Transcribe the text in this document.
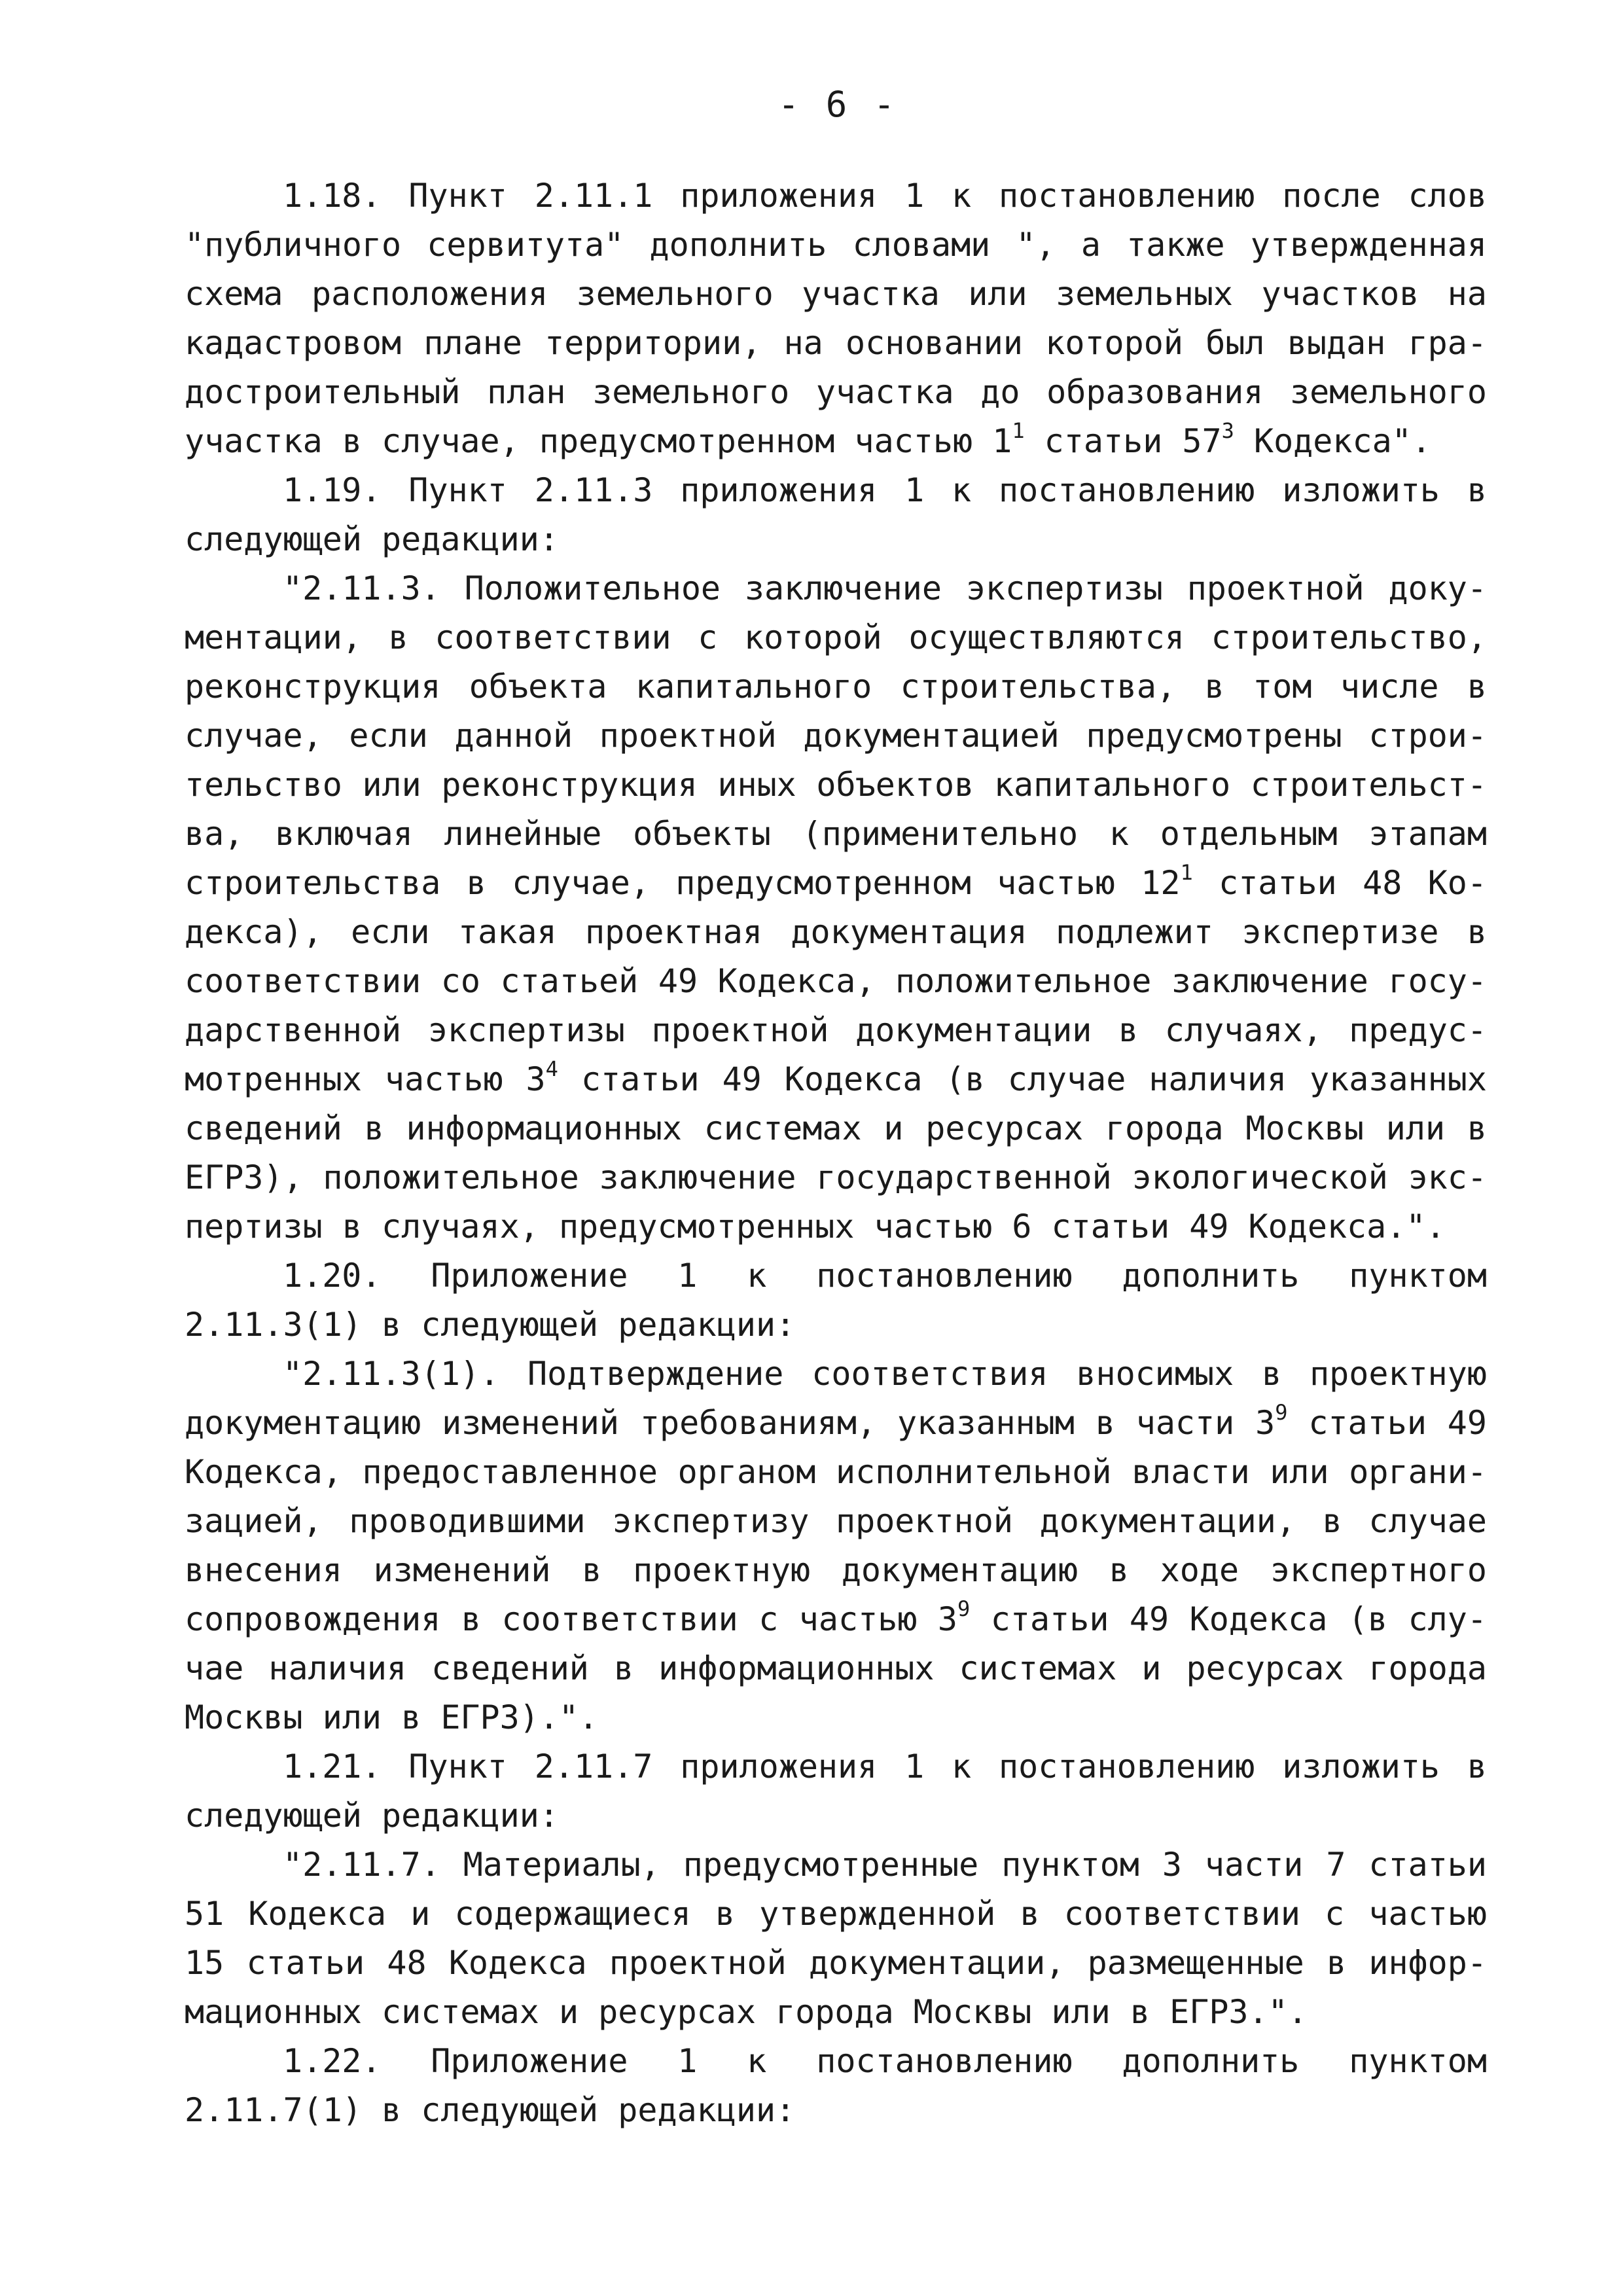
- 6 -
1.18. Пункт 2.11.1 приложения 1 к постановлению после слов
"публичного сервитута" дополнить словами ", а также утвержденная
схема расположения земельного участка или земельных участков на
кадастровом плане территории, на основании которой был выдан гра-
достроительный план земельного участка до образования земельного
участка в случае, предусмотренном частью $1^1$ статьи $57^3$ Кодекса".
1.19. Пункт 2.11.3 приложения 1 к постановлению изложить в
следующей редакции:
"2.11.3. Положительное заключение экспертизы проектной доку-
ментации, в соответствии с которой осуществляются строительство,
реконструкция объекта капитального строительства, в том числе в
случае, если данной проектной документацией предусмотрены строи-
тельство или реконструкция иных объектов капитального строительст-
ва, включая линейные объекты (применительно к отдельным этапам
строительства в случае, предусмотренном частью $12^1$ статьи 48 Ко-
декса), если такая проектная документация подлежит экспертизе в
соответствии со статьей 49 Кодекса, положительное заключение госу-
дарственной экспертизы проектной документации в случаях, предус-
мотренных частью $3^4$ статьи 49 Кодекса (в случае наличия указанных
сведений в информационных системах и ресурсах города Москвы или в
ЕГРЗ), положительное заключение государственной экологической экс-
пертизы в случаях, предусмотренных частью 6 статьи 49 Кодекса.".
1.20. Приложение 1 к постановлению дополнить пунктом
2.11.3(1) в следующей редакции:
"2.11.3(1). Подтверждение соответствия вносимых в проектную
документацию изменений требованиям, указанным в части $3^9$ статьи 49
Кодекса, предоставленное органом исполнительной власти или органи-
зацией, проводившими экспертизу проектной документации, в случае
внесения изменений в проектную документацию в ходе экспертного
сопровождения в соответствии с частью $3^9$ статьи 49 Кодекса (в слу-
чае наличия сведений в информационных системах и ресурсах города
Москвы или в ЕГРЗ).".
1.21. Пункт 2.11.7 приложения 1 к постановлению изложить в
следующей редакции:
"2.11.7. Материалы, предусмотренные пунктом 3 части 7 статьи
51 Кодекса и содержащиеся в утвержденной в соответствии с частью
15 статьи 48 Кодекса проектной документации, размещенные в инфор-
мационных системах и ресурсах города Москвы или в ЕГРЗ.".
1.22. Приложение 1 к постановлению дополнить пунктом
2.11.7(1) в следующей редакции:
